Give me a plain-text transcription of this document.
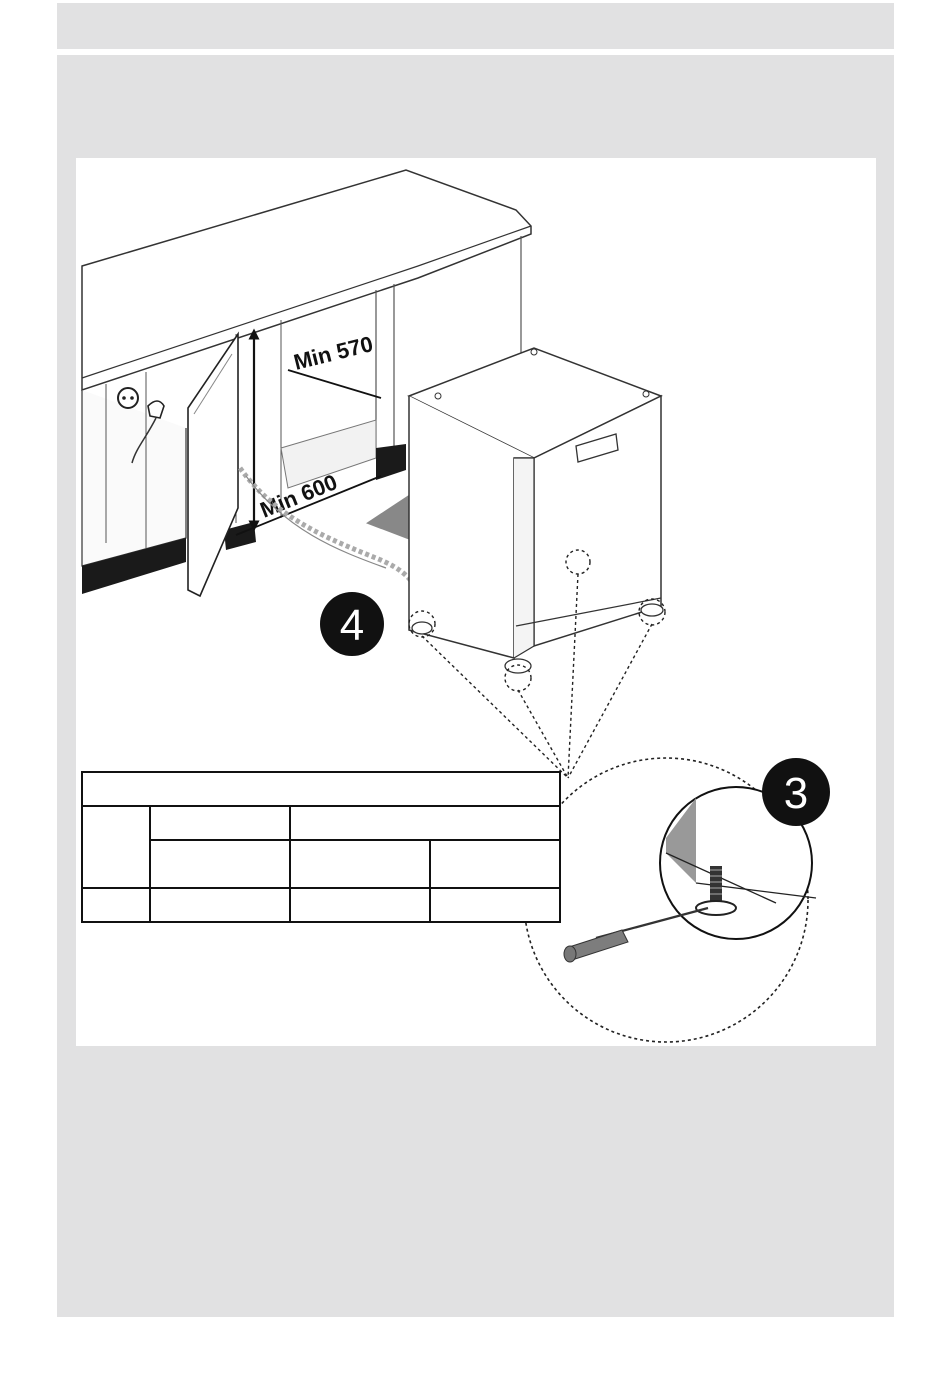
Min 600
Min 570
4
3
